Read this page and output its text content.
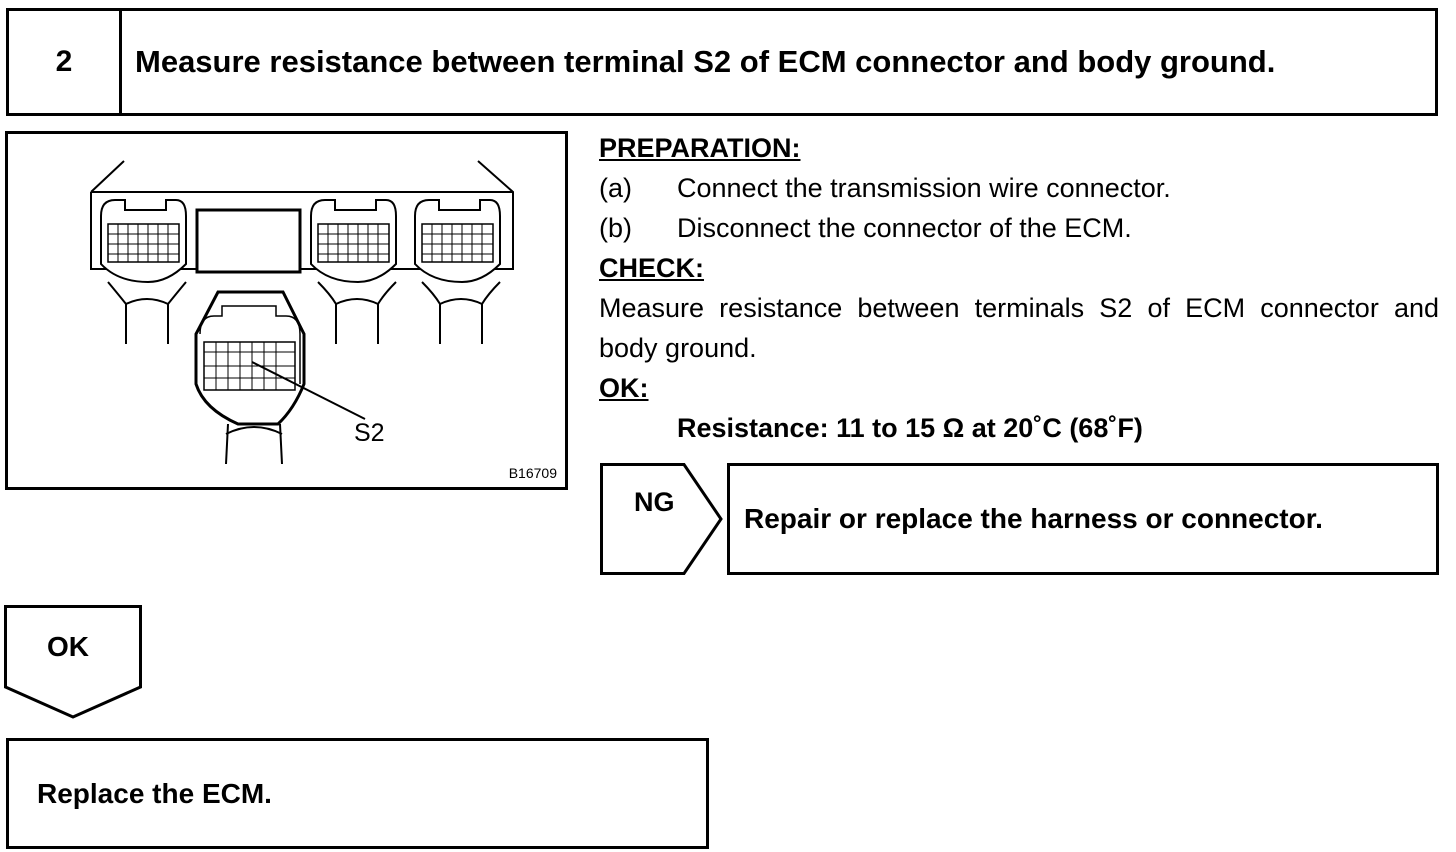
2	Measure resistance between terminal S2 of ECM connector and body ground.
S2
B16709
PREPARATION:
(a)	Connect the transmission wire connector.
(b)	Disconnect the connector of the ECM.
CHECK:
Measure resistance between terminals S2 of ECM connector and body ground.
OK:
Resistance: 11 to 15 Ω at 20˚C (68˚F)
NG
Repair or replace the harness or connector.
OK
Replace the ECM.
